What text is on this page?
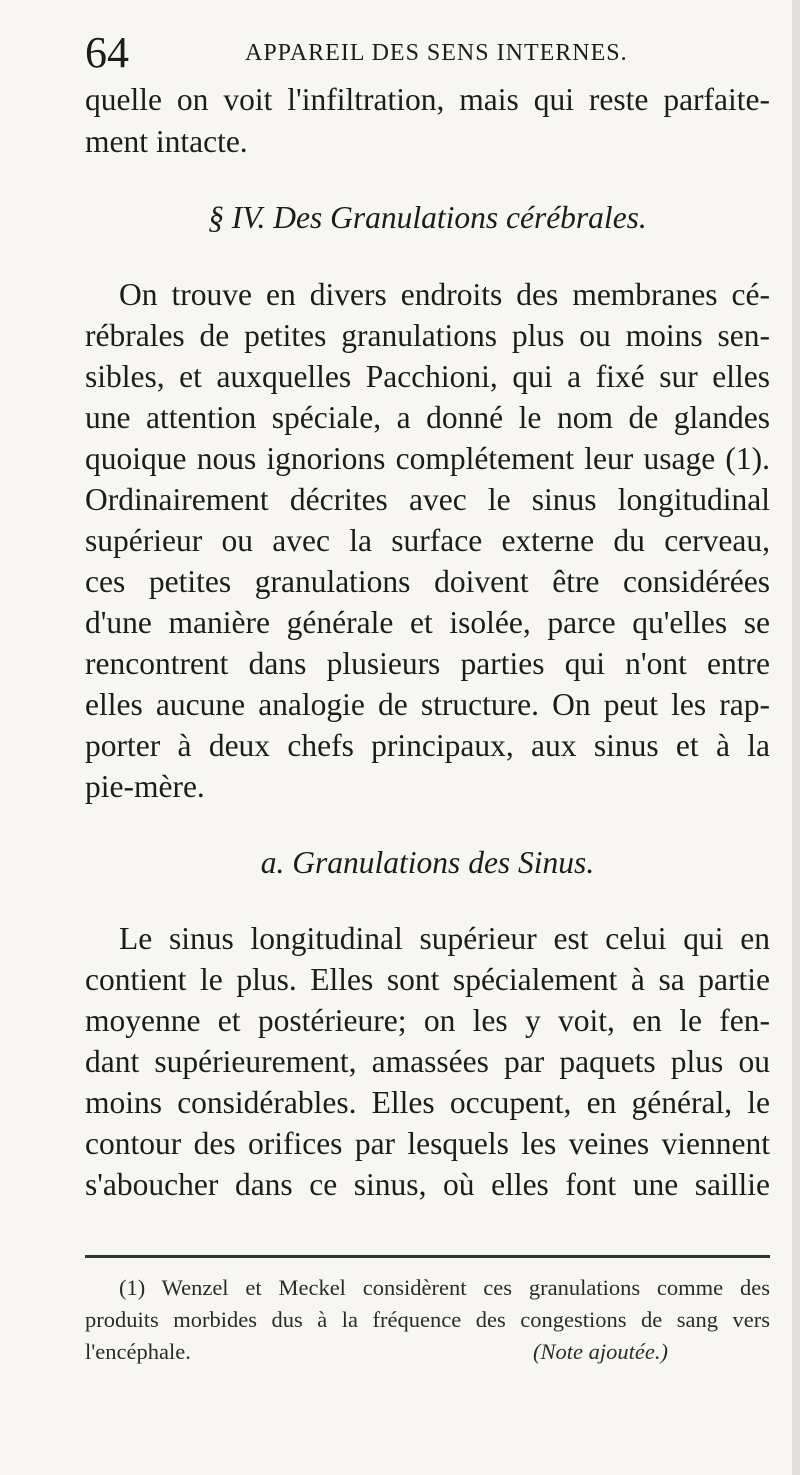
64	APPAREIL DES SENS INTERNES.
quelle on voit l'infiltration, mais qui reste parfaite-
ment intacte.
§ IV. Des Granulations cérébrales.
On trouve en divers endroits des membranes cé-
rébrales de petites granulations plus ou moins sen-
sibles, et auxquelles Pacchioni, qui a fixé sur elles
une attention spéciale, a donné le nom de glandes
quoique nous ignorions complétement leur usage (1).
Ordinairement décrites avec le sinus longitudinal
supérieur ou avec la surface externe du cerveau,
ces petites granulations doivent être considérées
d'une manière générale et isolée, parce qu'elles se
rencontrent dans plusieurs parties qui n'ont entre
elles aucune analogie de structure. On peut les rap-
porter à deux chefs principaux, aux sinus et à la
pie-mère.
a. Granulations des Sinus.
Le sinus longitudinal supérieur est celui qui en
contient le plus. Elles sont spécialement à sa partie
moyenne et postérieure; on les y voit, en le fen-
dant supérieurement, amassées par paquets plus ou
moins considérables. Elles occupent, en général, le
contour des orifices par lesquels les veines viennent
s'aboucher dans ce sinus, où elles font une saillie
(1) Wenzel et Meckel considèrent ces granulations comme des
produits morbides dus à la fréquence des congestions de sang vers
l'encéphale.	(Note ajoutée.)
